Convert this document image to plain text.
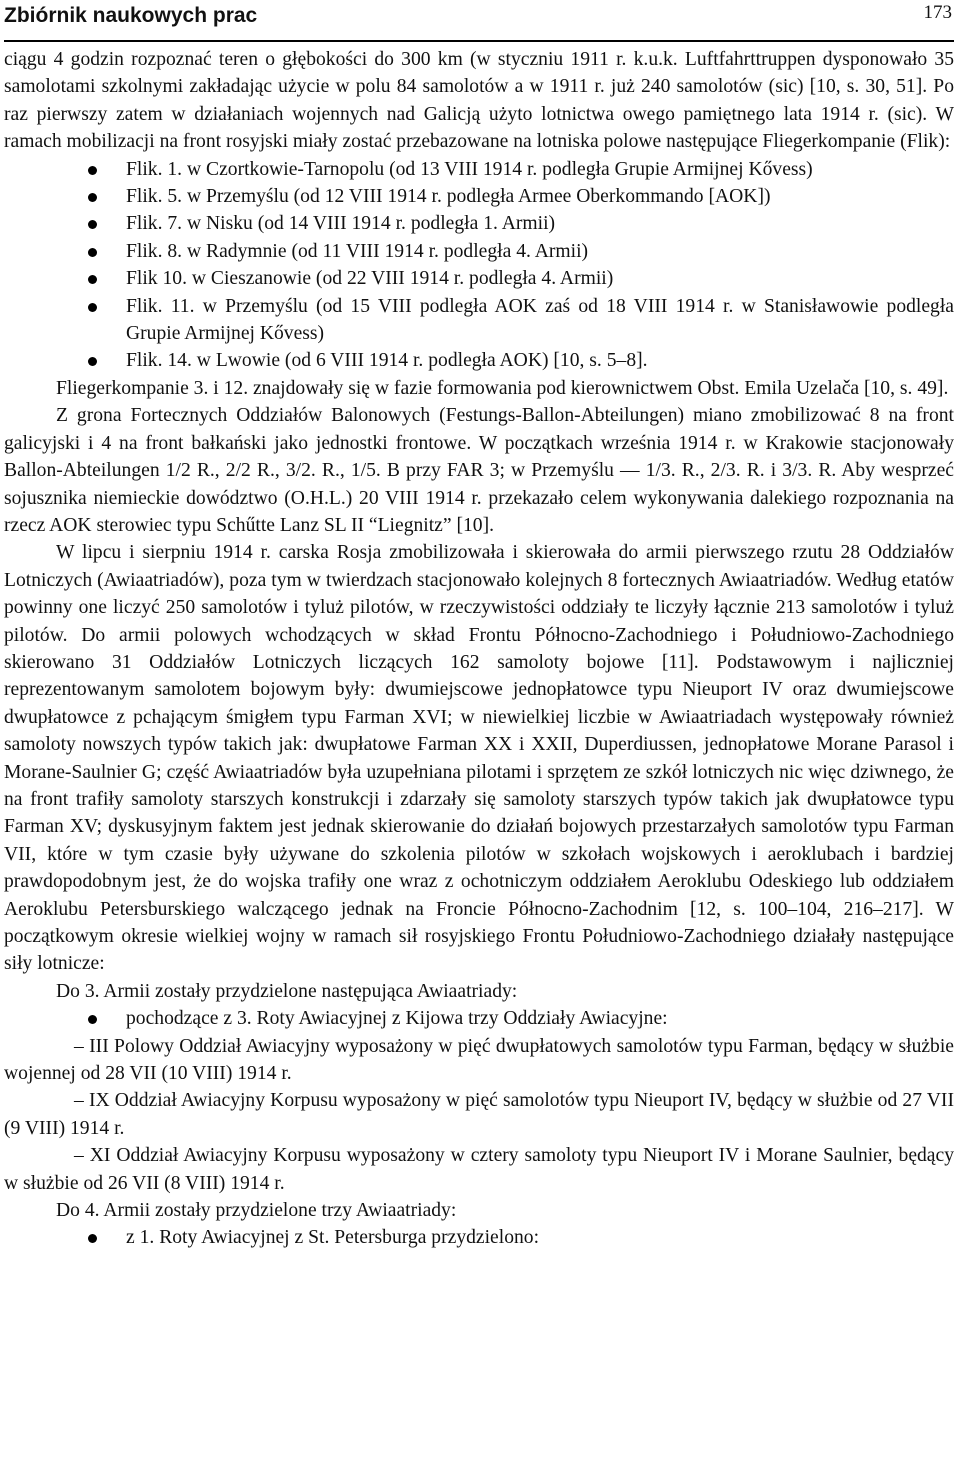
Zbiórnik naukowych prac	173

ciągu 4 godzin rozpoznać teren o głębokości do 300 km (w styczniu 1911 r. k.u.k. Luftfahrttruppen dysponowało 35 samolotami szkolnymi zakładając użycie w polu 84 samolotów a w 1911 r. już 240 samolotów (sic) [10, s. 30, 51]. Po raz pierwszy zatem w działaniach wojennych nad Galicją użyto lotnictwa owego pamiętnego lata 1914 r. (sic). W ramach mobilizacji na front rosyjski miały zostać przebazowane na lotniska polowe następujące Fliegerkompanie (Flik):

Flik. 1. w Czortkowie-Tarnopolu (od 13 VIII 1914 r. podległa Grupie Armijnej Kővess)
Flik. 5. w Przemyślu (od 12 VIII 1914 r. podległa Armee Oberkommando [AOK])
Flik. 7. w Nisku (od 14 VIII 1914 r. podległa 1. Armii)
Flik. 8. w Radymnie (od 11 VIII 1914 r. podległa 4. Armii)
Flik 10. w Cieszanowie (od 22 VIII 1914 r. podległa 4. Armii)
Flik. 11. w Przemyślu (od 15 VIII podległa AOK zaś od 18 VIII 1914 r. w Stanisławowie podległa Grupie Armijnej Kővess)
Flik. 14. w Lwowie (od 6 VIII 1914 r. podległa AOK) [10, s. 5–8].

Fliegerkompanie 3. i 12. znajdowały się w fazie formowania pod kierownictwem Obst. Emila Uzelača [10, s. 49].

Z grona Fortecznych Oddziałów Balonowych (Festungs-Ballon-Abteilungen) miano zmobilizować 8 na front galicyjski i 4 na front bałkański jako jednostki frontowe. W początkach września 1914 r. w Krakowie stacjonowały Ballon-Abteilungen 1/2 R., 2/2 R., 3/2. R., 1/5. B przy FAR 3; w Przemyślu — 1/3. R., 2/3. R. i 3/3. R. Aby wesprzeć sojusznika niemieckie dowództwo (O.H.L.) 20 VIII 1914 r. przekazało celem wykonywania dalekiego rozpoznania na rzecz AOK sterowiec typu Schűtte Lanz SL II “Liegnitz” [10].

W lipcu i sierpniu 1914 r. carska Rosja zmobilizowała i skierowała do armii pierwszego rzutu 28 Oddziałów Lotniczych (Awiaatriadów), poza tym w twierdzach stacjonowało kolejnych 8 fortecznych Awiaatriadów. Według etatów powinny one liczyć 250 samolotów i tyluż pilotów, w rzeczywistości oddziały te liczyły łącznie 213 samolotów i tyluż pilotów. Do armii polowych wchodzących w skład Frontu Północno-Zachodniego i Południowo-Zachodniego skierowano 31 Oddziałów Lotniczych liczących 162 samoloty bojowe [11]. Podstawowym i najliczniej reprezentowanym samolotem bojowym były: dwumiejscowe jednopłatowce typu Nieuport IV oraz dwumiejscowe dwupłatowce z pchającym śmigłem typu Farman XVI; w niewielkiej liczbie w Awiaatriadach występowały również samoloty nowszych typów takich jak: dwupłatowe Farman XX i XXII, Duperdiussen, jednopłatowe Morane Parasol i Morane-Saulnier G; część Awiaatriadów była uzupełniana pilotami i sprzętem ze szkół lotniczych nic więc dziwnego, że na front trafiły samoloty starszych konstrukcji i zdarzały się samoloty starszych typów takich jak dwupłatowce typu Farman XV; dyskusyjnym faktem jest jednak skierowanie do działań bojowych przestarzałych samolotów typu Farman VII, które w tym czasie były używane do szkolenia pilotów w szkołach wojskowych i aeroklubach i bardziej prawdopodobnym jest, że do wojska trafiły one wraz z ochotniczym oddziałem Aeroklubu Odeskiego lub oddziałem Aeroklubu Petersburskiego walczącego jednak na Froncie Północno-Zachodnim [12, s. 100–104, 216–217]. W początkowym okresie wielkiej wojny w ramach sił rosyjskiego Frontu Południowo-Zachodniego działały następujące siły lotnicze:

Do 3. Armii zostały przydzielone następująca Awiaatriady:

pochodzące z 3. Roty Awiacyjnej z Kijowa trzy Oddziały Awiacyjne:

– III Polowy Oddział Awiacyjny wyposażony w pięć dwupłatowych samolotów typu Farman, będący w służbie wojennej od 28 VII (10 VIII) 1914 r.

– IX Oddział Awiacyjny Korpusu wyposażony w pięć samolotów typu Nieuport IV, będący w służbie od 27 VII (9 VIII) 1914 r.

– XI Oddział Awiacyjny Korpusu wyposażony w cztery samoloty typu Nieuport IV i Morane Saulnier, będący w służbie od 26 VII (8 VIII) 1914 r.

Do 4. Armii zostały przydzielone trzy Awiaatriady:

z 1. Roty Awiacyjnej z St. Petersburga przydzielono:
